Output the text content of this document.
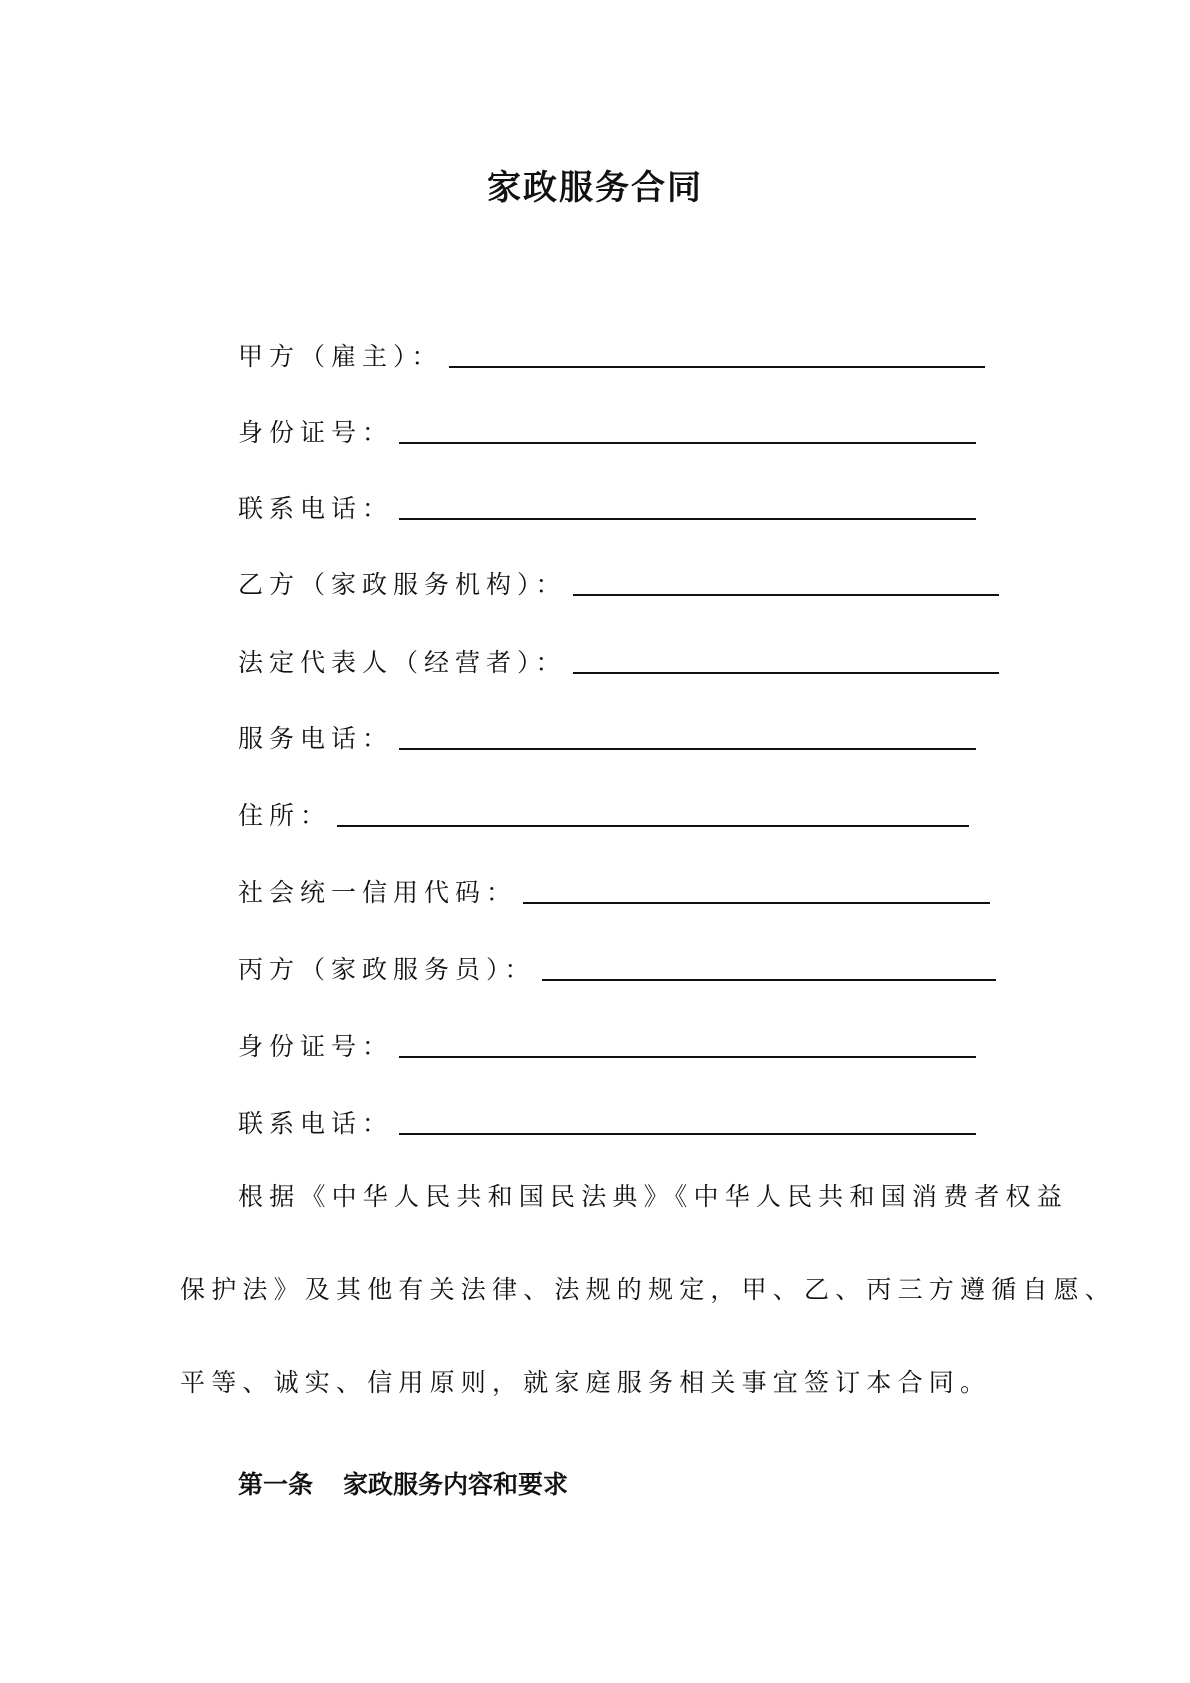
家政服务合同
甲方（雇主）：
身份证号：
联系电话：
乙方（家政服务机构）：
法定代表人（经营者）：
服务电话：
住所：
社会统一信用代码：
丙方（家政服务员）：
身份证号：
联系电话：
根据《中华人民共和国民法典》《中华人民共和国消费者权益
保护法》及其他有关法律、法规的规定，甲、乙、丙三方遵循自愿、
平等、诚实、信用原则，就家庭服务相关事宜签订本合同。
第一条 家政服务内容和要求
